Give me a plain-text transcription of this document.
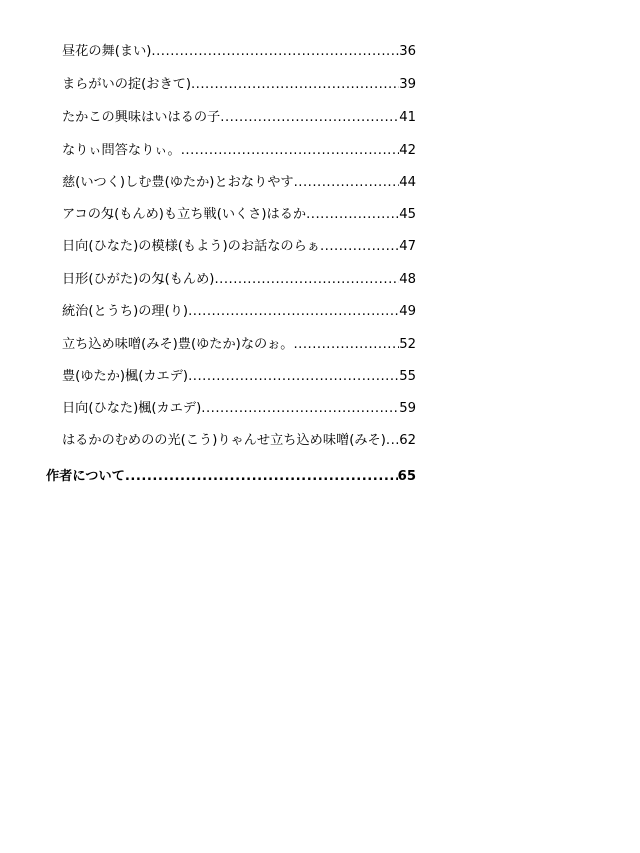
昼花の舞(まい) .....	36
まらがいの掟(おきて) .....	39
たかこの興味はいはるの子 .....	41
なりぃ問答なりぃ。 .....	42
慈(いつく)しむ豊(ゆたか)とおなりやす .....	44
アコの匁(もんめ)も立ち戦(いくさ)はるか .....	45
日向(ひなた)の模様(もよう)のお話なのらぁ .....	47
日形(ひがた)の匁(もんめ) .....	48
統治(とうち)の理(り) .....	49
立ち込め味噌(みそ)豊(ゆたか)なのぉ。 .....	52
豊(ゆたか)楓(カエデ) .....	55
日向(ひなた)楓(カエデ) .....	59
はるかのむめのの光(こう)りゃんせ立ち込め味噌(みそ) ..... 62
作者について .....	65
